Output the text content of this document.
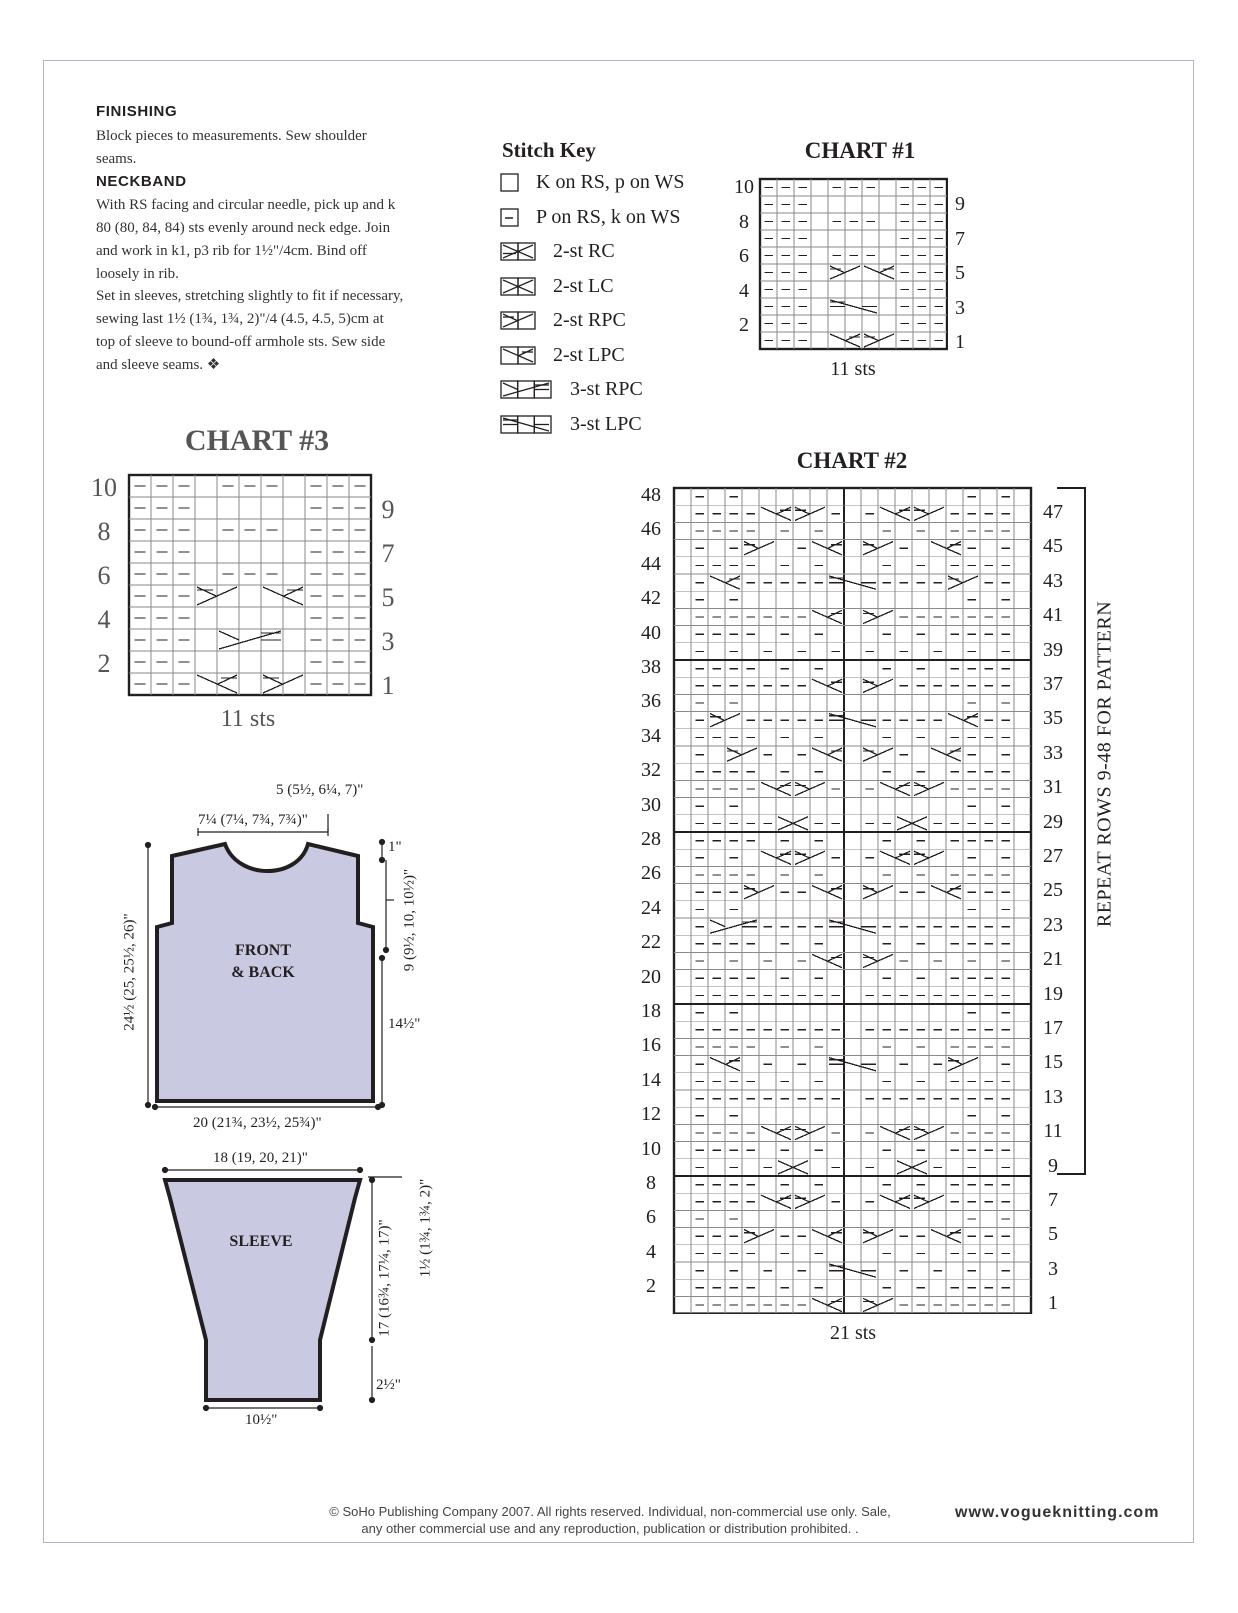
FINISHING
Block pieces to measurements. Sew shoulder seams.
NECKBAND
With RS facing and circular needle, pick up and k 80 (80, 84, 84) sts evenly around neck edge. Join and work in k1, p3 rib for 1½"/4cm. Bind off loosely in rib.
Set in sleeves, stretching slightly to fit if necessary, sewing last 1½ (1¾, 1¾, 2)"/4 (4.5, 4.5, 5)cm at top of sleeve to bound-off armhole sts. Sew side and sleeve seams. ❖
Stitch Key
K on RS, p on WS
P on RS, k on WS
2-st RC
2-st LC
2-st RPC
2-st LPC
3-st RPC
3-st LPC
CHART #1
10
8
6
4
2
9
7
5
3
1
11 sts
CHART #3
10
8
6
4
2
9
7
5
3
1
11 sts
CHART #2
48
46
44
42
40
38
36
34
32
30
28
26
24
22
20
18
16
14
12
10
8
6
4
2
47
45
43
41
39
37
35
33
31
29
27
25
23
21
19
17
15
13
11
9
7
5
3
1
21 sts
REPEAT ROWS 9-48 FOR PATTERN
5 (5½, 6¼, 7)"
7¼ (7¼, 7¾, 7¾)"
1"
9 (9½, 10, 10½)"
14½"
24½ (25, 25½, 26)"
20 (21¾, 23½, 25¾)"
FRONT
& BACK
18 (19, 20, 21)"
SLEEVE	1½ (1¾, 1¾, 2)"
17 (16¾, 17¼, 17)"
2½"
10½"
© SoHo Publishing Company 2007. All rights reserved. Individual, non-commercial use only. Sale,
any other commercial use and any reproduction, publication or distribution prohibited. .
www.vogueknitting.com
